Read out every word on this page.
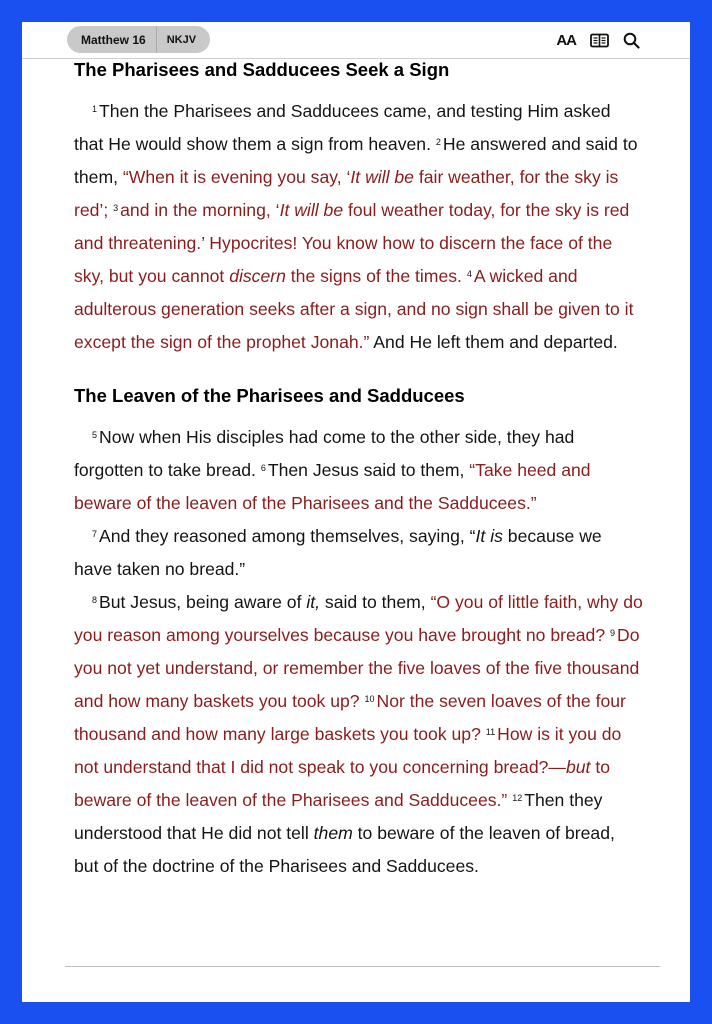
Matthew 16	NKJV	AA
The Pharisees and Sadducees Seek a Sign

$^1$ Then the Pharisees and Sadducees came, and testing Him asked that He would show them a sign from heaven. $^2$ He answered and said to them, “When it is evening you say, ‘It will be fair weather, for the sky is red’; $^3$ and in the morning, ‘It will be foul weather today, for the sky is red and threatening.’ Hypocrites! You know how to discern the face of the sky, but you cannot discern the signs of the times. $^4$ A wicked and adulterous generation seeks after a sign, and no sign shall be given to it except the sign of the prophet Jonah.” And He left them and departed.

The Leaven of the Pharisees and Sadducees

$^5$ Now when His disciples had come to the other side, they had forgotten to take bread. $^6$ Then Jesus said to them, “Take heed and beware of the leaven of the Pharisees and the Sadducees.”

$^7$ And they reasoned among themselves, saying, “It is because we have taken no bread.”

$^8$ But Jesus, being aware of it, said to them, “O you of little faith, why do you reason among yourselves because you have brought no bread? $^9$ Do you not yet understand, or remember the five loaves of the five thousand and how many baskets you took up? $^{10}$ Nor the seven loaves of the four thousand and how many large baskets you took up? $^{11}$ How is it you do not understand that I did not speak to you concerning bread?—but to beware of the leaven of the Pharisees and Sadducees.” $^{12}$ Then they understood that He did not tell them to beware of the leaven of bread, but of the doctrine of the Pharisees and Sadducees.
